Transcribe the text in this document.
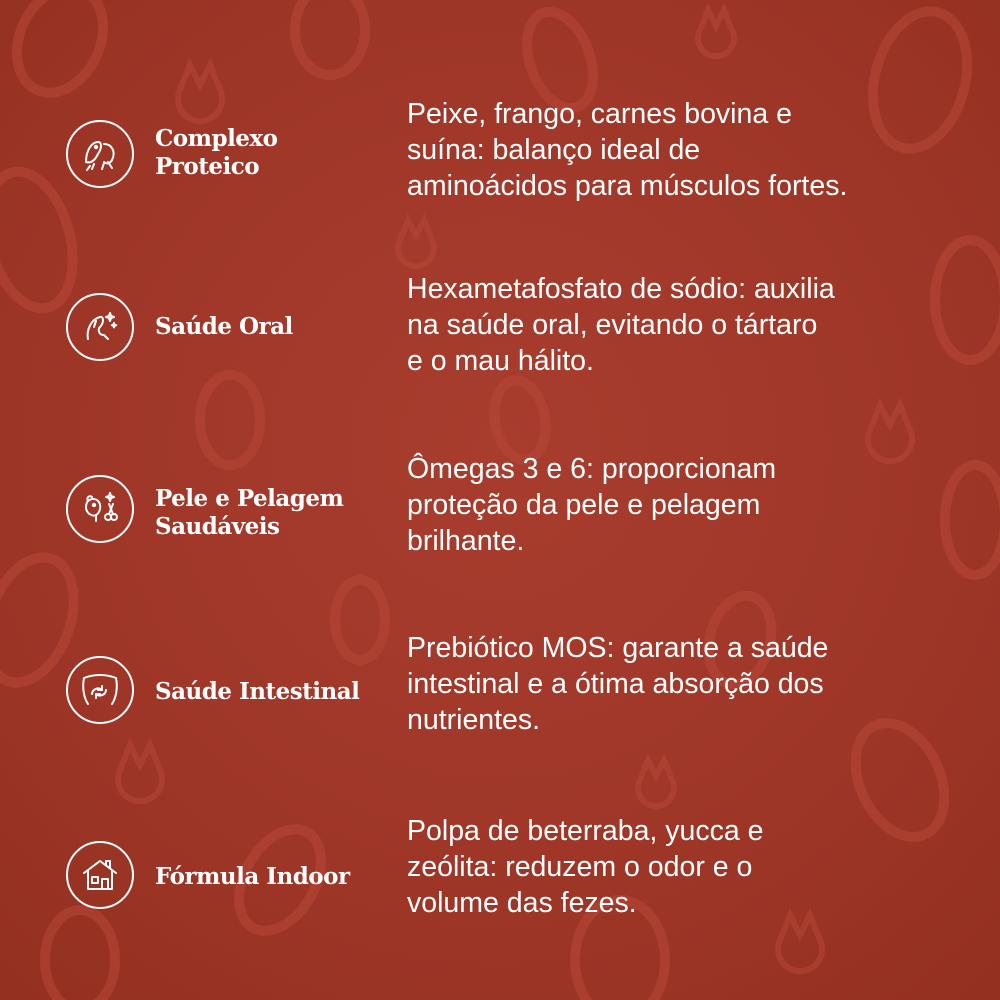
Complexo
Proteico
Peixe, frango, carnes bovina e
suína: balanço ideal de
aminoácidos para músculos fortes.
Saúde Oral
Hexametafosfato de sódio: auxilia
na saúde oral, evitando o tártaro
e o mau hálito.
Pele e Pelagem
Saudáveis
Ômegas 3 e 6: proporcionam
proteção da pele e pelagem
brilhante.
Saúde Intestinal
Prebiótico MOS: garante a saúde
intestinal e a ótima absorção dos
nutrientes.
Fórmula Indoor
Polpa de beterraba, yucca e
zeólita: reduzem o odor e o
volume das fezes.
